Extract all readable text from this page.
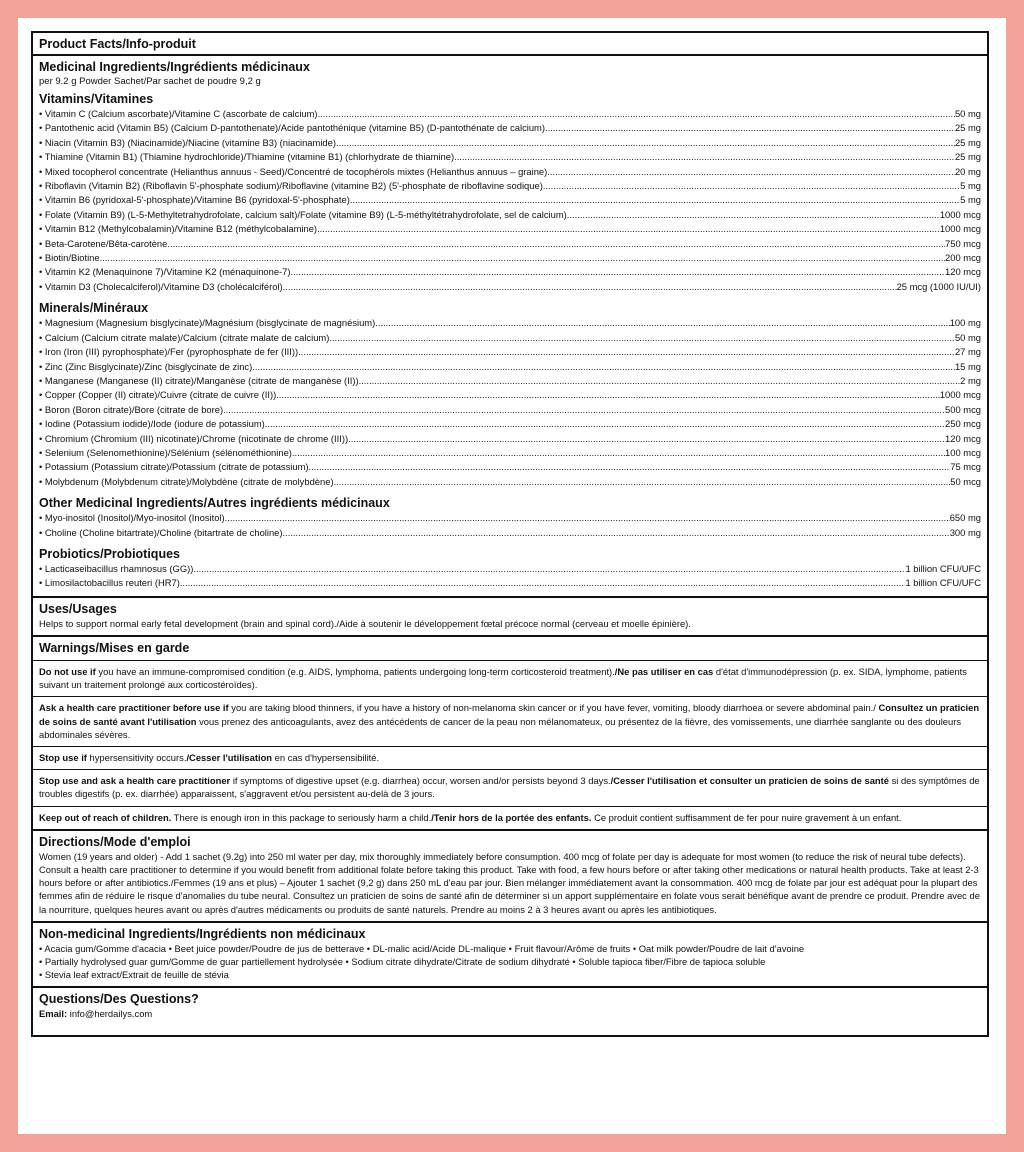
Product Facts/Info-produit
Medicinal Ingredients/Ingrédients médicinaux
per 9.2 g Powder Sachet/Par sachet de poudre 9,2 g
Vitamins/Vitamines
• Vitamin C (Calcium ascorbate)/Vitamine C (ascorbate de calcium) .....	50 mg
• Pantothenic acid (Vitamin B5) (Calcium D-pantothenate)/Acide pantothénique (vitamine B5) (D-pantothénate de calcium) .....	25 mg
• Niacin (Vitamin B3) (Niacinamide)/Niacine (vitamine B3) (niacinamide) .....	25 mg
• Thiamine (Vitamin B1) (Thiamine hydrochloride)/Thiamine (vitamine B1) (chlorhydrate de thiamine) .....	25 mg
• Mixed tocopherol concentrate (Helianthus annuus - Seed)/Concentré de tocophérols mixtes (Helianthus annuus – graine) .....	20 mg
• Riboflavin (Vitamin B2) (Riboflavin 5'-phosphate sodium)/Riboflavine (vitamine B2) (5'-phosphate de riboflavine sodique) .....	5 mg
• Vitamin B6 (pyridoxal-5'-phosphate)/Vitamine B6 (pyridoxal-5'-phosphate) .....	5 mg
• Folate (Vitamin B9) (L-5-Methyltetrahydrofolate, calcium salt)/Folate (vitamine B9) (L-5-méthyltétrahydrofolate, sel de calcium) .....	1000 mcg
• Vitamin B12 (Methylcobalamin)/Vitamine B12 (méthylcobalamine) .....	1000 mcg
• Beta-Carotene/Bêta-carotène .....	750 mcg
• Biotin/Biotine .....	200 mcg
• Vitamin K2 (Menaquinone 7)/Vitamine K2 (ménaquinone-7) .....	120 mcg
• Vitamin D3 (Cholecalciferol)/Vitamine D3 (cholécalciférol) .....	25 mcg (1000 IU/UI)
Minerals/Minéraux
• Magnesium (Magnesium bisglycinate)/Magnésium (bisglycinate de magnésium) .....	100 mg
• Calcium (Calcium citrate malate)/Calcium (citrate malate de calcium) .....	50 mg
• Iron (Iron (III) pyrophosphate)/Fer (pyrophosphate de fer (III)) .....	27 mg
• Zinc (Zinc Bisglycinate)/Zinc (bisglycinate de zinc) .....	15 mg
• Manganese (Manganese (II) citrate)/Manganèse (citrate de manganèse (II)) .....	2 mg
• Copper (Copper (II) citrate)/Cuivre (citrate de cuivre (II)) .....	1000 mcg
• Boron (Boron citrate)/Bore (citrate de bore) .....	500 mcg
• Iodine (Potassium iodide)/Iode (iodure de potassium) .....	250 mcg
• Chromium (Chromium (III) nicotinate)/Chrome (nicotinate de chrome (III)) .....	120 mcg
• Selenium (Selenomethionine)/Sélénium (sélénométhionine) .....	100 mcg
• Potassium (Potassium citrate)/Potassium (citrate de potassium) .....	75 mcg
• Molybdenum (Molybdenum citrate)/Molybdène (citrate de molybdène) .....	50 mcg
Other Medicinal Ingredients/Autres ingrédients médicinaux
• Myo-inositol (Inositol)/Myo-inositol (Inositol) .....	650 mg
• Choline (Choline bitartrate)/Choline (bitartrate de choline) .....	300 mg
Probiotics/Probiotiques
• Lacticaseibacillus rhamnosus (GG)) .....	1 billion CFU/UFC
• Limosilactobacillus reuteri (HR7) .....	1 billion CFU/UFC
Uses/Usages
Helps to support normal early fetal development (brain and spinal cord)./Aide à soutenir le développement fœtal précoce normal (cerveau et moelle épinière).
Warnings/Mises en garde
Do not use if you have an immune-compromised condition (e.g. AIDS, lymphoma, patients undergoing long-term corticosteroid treatment)./Ne pas utiliser en cas d'état d'immunodépression (p. ex. SIDA, lymphome, patients suivant un traitement prolongé aux corticostéroïdes).
Ask a health care practitioner before use if you are taking blood thinners, if you have a history of non-melanoma skin cancer or if you have fever, vomiting, bloody diarrhoea or severe abdominal pain./ Consultez un praticien de soins de santé avant l'utilisation vous prenez des anticoagulants, avez des antécédents de cancer de la peau non mélanomateux, ou présentez de la fièvre, des vomissements, une diarrhée sanglante ou des douleurs abdominales sévères.
Stop use if hypersensitivity occurs./Cesser l'utilisation en cas d'hypersensibilité.
Stop use and ask a health care practitioner if symptoms of digestive upset (e.g. diarrhea) occur, worsen and/or persists beyond 3 days./Cesser l'utilisation et consulter un praticien de soins de santé si des symptômes de troubles digestifs (p. ex. diarrhée) apparaissent, s'aggravent et/ou persistent au-delà de 3 jours.
Keep out of reach of children. There is enough iron in this package to seriously harm a child./Tenir hors de la portée des enfants. Ce produit contient suffisamment de fer pour nuire gravement à un enfant.
Directions/Mode d'emploi
Women (19 years and older) - Add 1 sachet (9.2g) into 250 ml water per day, mix thoroughly immediately before consumption. 400 mcg of folate per day is adequate for most women (to reduce the risk of neural tube defects). Consult a health care practitioner to determine if you would benefit from additional folate before taking this product. Take with food, a few hours before or after taking other medications or natural health products. Take at least 2-3 hours before or after antibiotics./Femmes (19 ans et plus) – Ajouter 1 sachet (9,2 g) dans 250 mL d'eau par jour. Bien mélanger immédiatement avant la consommation. 400 mcg de folate par jour est adéquat pour la plupart des femmes afin de réduire le risque d'anomalies du tube neural. Consultez un praticien de soins de santé afin de déterminer si un apport supplémentaire en folate vous serait bénéfique avant de prendre ce produit. Prendre avec de la nourriture, quelques heures avant ou après d'autres médicaments ou produits de santé naturels. Prendre au moins 2 à 3 heures avant ou après les antibiotiques.
Non-medicinal Ingredients/Ingrédients non médicinaux
• Acacia gum/Gomme d'acacia • Beet juice powder/Poudre de jus de betterave • DL-malic acid/Acide DL-malique • Fruit flavour/Arôme de fruits • Oat milk powder/Poudre de lait d'avoine
• Partially hydrolysed guar gum/Gomme de guar partiellement hydrolysée • Sodium citrate dihydrate/Citrate de sodium dihydraté • Soluble tapioca fiber/Fibre de tapioca soluble
• Stevia leaf extract/Extrait de feuille de stévia
Questions/Des Questions?
Email: info@herdailys.com
